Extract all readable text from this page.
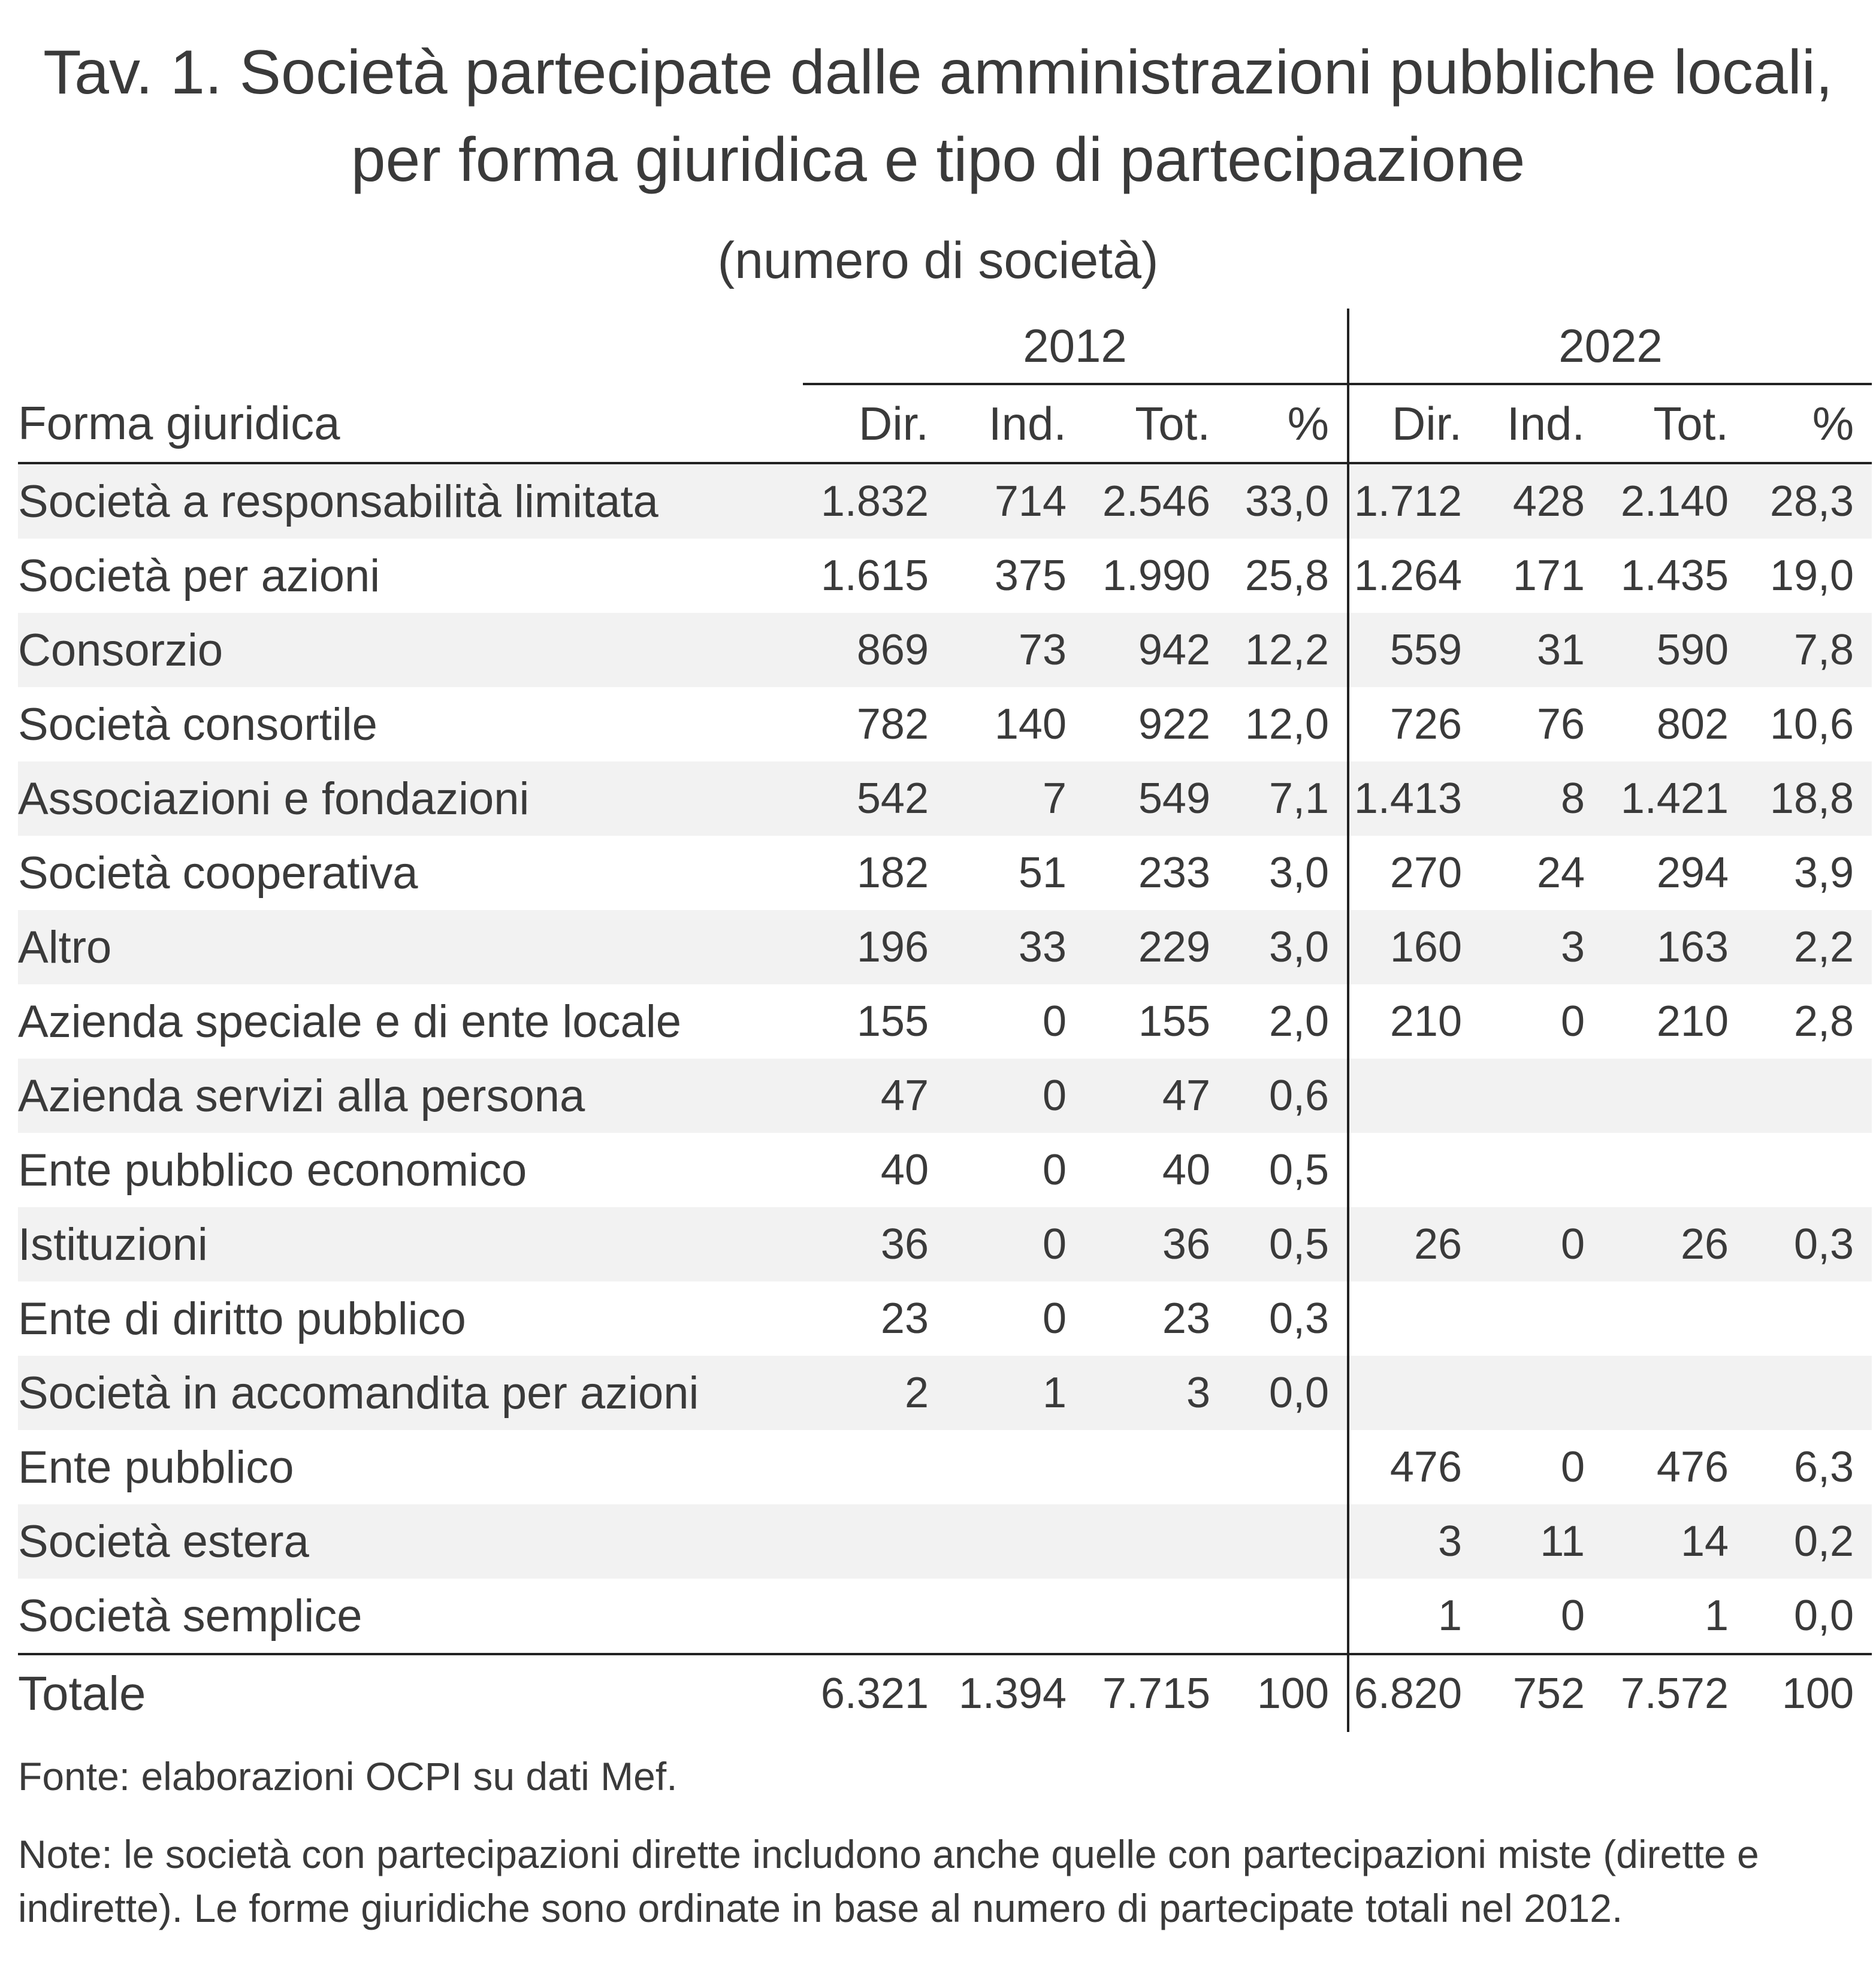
Tav. 1. Società partecipate dalle amministrazioni pubbliche locali,
per forma giuridica e tipo di partecipazione
(numero di società)
	2012				2022			
Forma giuridica	Dir.	Ind.	Tot.	%	Dir.	Ind.	Tot.	%
Società a responsabilità limitata	1.832	714	2.546	33,0	1.712	428	2.140	28,3
Società per azioni	1.615	375	1.990	25,8	1.264	171	1.435	19,0
Consorzio	869	73	942	12,2	559	31	590	7,8
Società consortile	782	140	922	12,0	726	76	802	10,6
Associazioni e fondazioni	542	7	549	7,1	1.413	8	1.421	18,8
Società cooperativa	182	51	233	3,0	270	24	294	3,9
Altro	196	33	229	3,0	160	3	163	2,2
Azienda speciale e di ente locale	155	0	155	2,0	210	0	210	2,8
Azienda servizi alla persona	47	0	47	0,6				
Ente pubblico economico	40	0	40	0,5				
Istituzioni	36	0	36	0,5	26	0	26	0,3
Ente di diritto pubblico	23	0	23	0,3				
Società in accomandita per azioni	2	1	3	0,0				
Ente pubblico					476	0	476	6,3
Società estera					3	11	14	0,2
Società semplice					1	0	1	0,0
Totale	6.321	1.394	7.715	100	6.820	752	7.572	100
Fonte: elaborazioni OCPI su dati Mef.
Note: le società con partecipazioni dirette includono anche quelle con partecipazioni miste (dirette e
indirette). Le forme giuridiche sono ordinate in base al numero di partecipate totali nel 2012.
